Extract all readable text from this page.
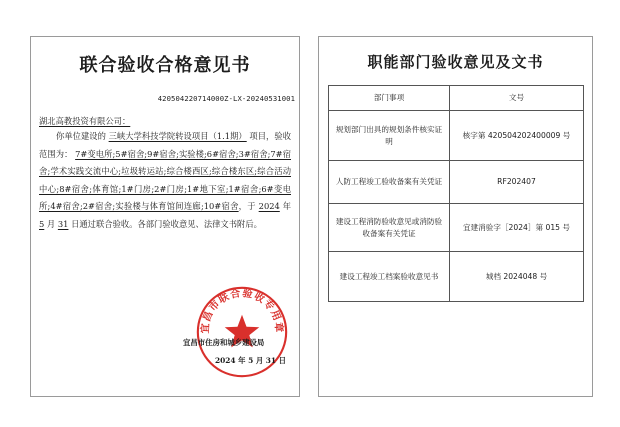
联合验收合格意见书
420504220714000Z-LX-20240531001
湖北高教投资有限公司：
你单位建设的 三峡大学科技学院转设项目（1.1期） 项目，验收范围为： 7#变电所;5#宿舍;9#宿舍;实验楼;6#宿舍;3#宿舍;7#宿舍;学术实践交流中心;垃圾转运站;综合楼西区;综合楼东区;综合活动中心;8#宿舍;体育馆;1#门房;2#门房;1#地下室;1#宿舍;6#变电所;4#宿舍;2#宿舍;实验楼与体育馆间连廊;10#宿舍，于 2024 年 5 月 31 日通过联合验收。各部门验收意见、法律文书附后。
宜昌市联合验收专用章
宜昌市住房和城乡建设局
2024 年 5 月 31 日
职能部门验收意见及文书
部门事项	文号
规划部门出具的规划条件核实证明	核字第 420504202400009 号
人防工程竣工验收备案有关凭证	RF202407
建设工程消防验收意见或消防验收备案有关凭证	宜建消验字［2024］第 015 号
建设工程竣工档案验收意见书	城档 2024048 号
